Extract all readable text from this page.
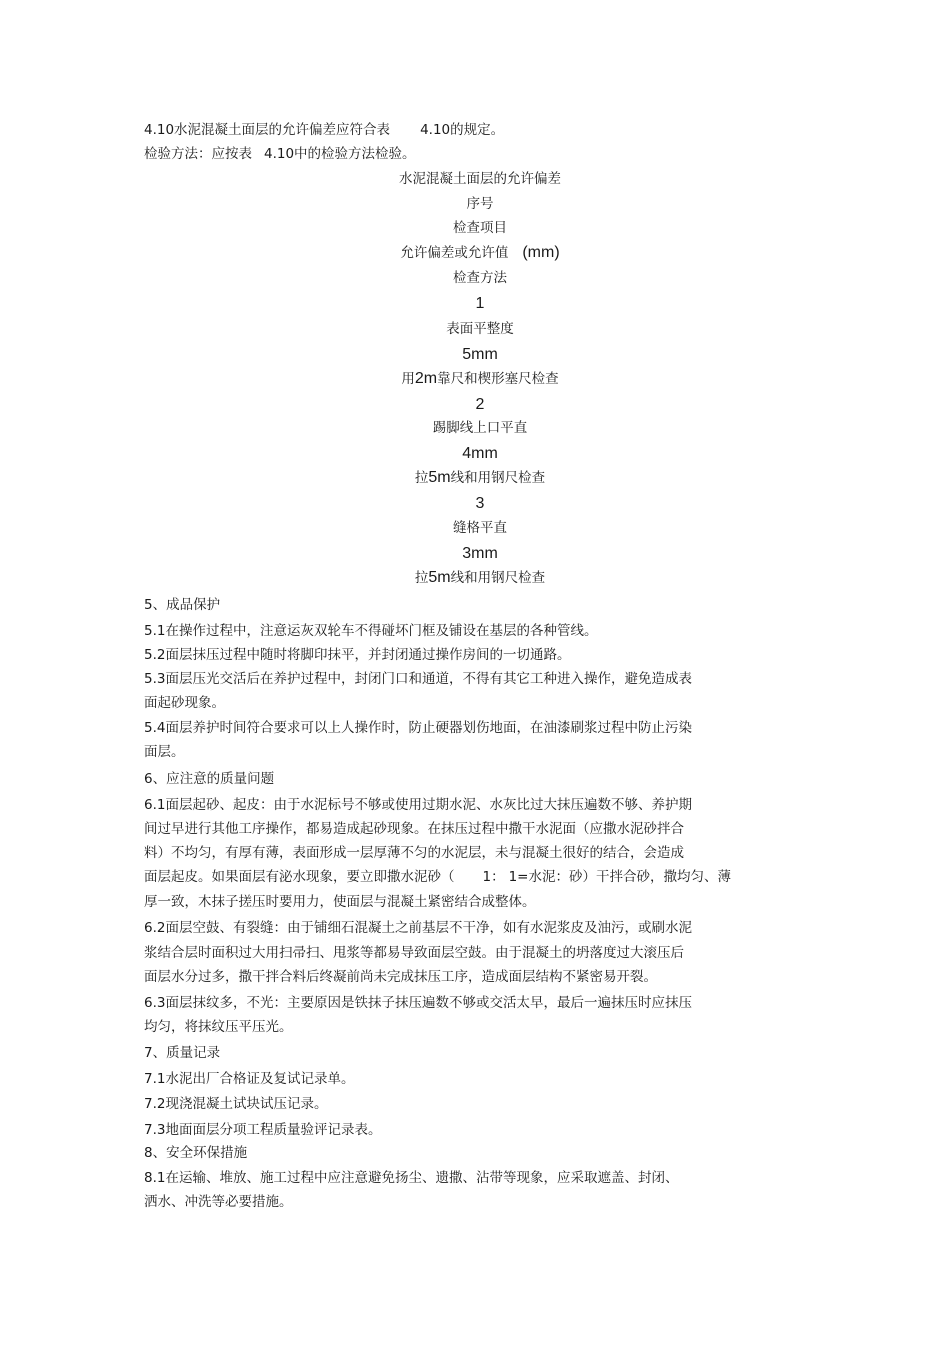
4.10水泥混凝土面层的允许偏差应符合表 4.10的规定。
检验方法：应按表 4.10中的检验方法检验。
水泥混凝土面层的允许偏差
序号
检查项目
允许偏差或允许值 (mm)
检查方法
1
表面平整度
5mm
用2m靠尺和楔形塞尺检查
2
踢脚线上口平直
4mm
拉5m线和用钢尺检查
3
缝格平直
3mm
拉5m线和用钢尺检查
5、成品保护
5.1在操作过程中，注意运灰双轮车不得碰坏门框及铺设在基层的各种管线。
5.2面层抹压过程中随时将脚印抹平，并封闭通过操作房间的一切通路。
5.3面层压光交活后在养护过程中，封闭门口和通道，不得有其它工种进入操作，避免造成表
面起砂现象。
5.4面层养护时间符合要求可以上人操作时，防止硬器划伤地面，在油漆刷浆过程中防止污染
面层。
6、应注意的质量问题
6.1面层起砂、起皮：由于水泥标号不够或使用过期水泥、水灰比过大抹压遍数不够、养护期
间过早进行其他工序操作，都易造成起砂现象。在抹压过程中撒干水泥面（应撒水泥砂拌合
料）不均匀，有厚有薄，表面形成一层厚薄不匀的水泥层，未与混凝土很好的结合，会造成
面层起皮。如果面层有泌水现象，要立即撒水泥砂（ 1： 1=水泥：砂）干拌合砂，撒均匀、薄
厚一致，木抹子搓压时要用力，使面层与混凝土紧密结合成整体。
6.2面层空鼓、有裂缝：由于铺细石混凝土之前基层不干净，如有水泥浆皮及油污，或刷水泥
浆结合层时面积过大用扫帚扫、甩浆等都易导致面层空鼓。由于混凝土的坍落度过大滚压后
面层水分过多，撒干拌合料后终凝前尚未完成抹压工序，造成面层结构不紧密易开裂。
6.3面层抹纹多，不光：主要原因是铁抹子抹压遍数不够或交活太早，最后一遍抹压时应抹压
均匀，将抹纹压平压光。
7、质量记录
7.1水泥出厂合格证及复试记录单。
7.2现浇混凝土试块试压记录。
7.3地面面层分项工程质量验评记录表。
8、安全环保措施
8.1在运输、堆放、施工过程中应注意避免扬尘、遗撒、沾带等现象，应采取遮盖、封闭、
洒水、冲洗等必要措施。
